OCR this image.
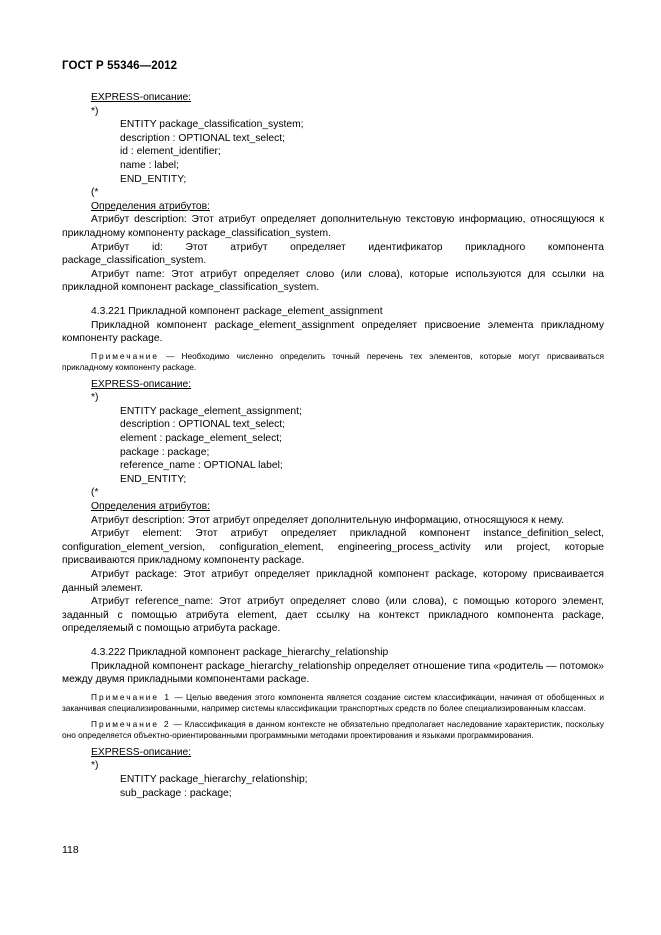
ГОСТ Р 55346—2012

EXPRESS-описание:

*)

ENTITY package_classification_system;

description : OPTIONAL text_select;

id : element_identifier;

name : label;

END_ENTITY;

(*

Определения атрибутов:

Атрибут description: Этот атрибут определяет дополнительную текстовую информацию, относящуюся к прикладному компоненту package_classification_system.

Атрибут id: Этот атрибут определяет идентификатор прикладного компонента package_classification_system.

Атрибут name: Этот атрибут определяет слово (или слова), которые используются для ссылки на прикладной компонент package_classification_system.

4.3.221 Прикладной компонент package_element_assignment

Прикладной компонент package_element_assignment определяет присвоение элемента прикладному компоненту package.

Примечание — Необходимо численно определить точный перечень тех элементов, которые могут присваиваться прикладному компоненту package.

EXPRESS-описание:

*)

ENTITY package_element_assignment;

description : OPTIONAL text_select;

element : package_element_select;

package : package;

reference_name : OPTIONAL label;

END_ENTITY;

(*

Определения атрибутов:

Атрибут description: Этот атрибут определяет дополнительную информацию, относящуюся к нему.

Атрибут element: Этот атрибут определяет прикладной компонент instance_definition_select, configuration_element_version, configuration_element, engineering_process_activity или project, которые присваиваются прикладному компоненту package.

Атрибут package: Этот атрибут определяет прикладной компонент package, которому присваивается данный элемент.

Атрибут reference_name: Этот атрибут определяет слово (или слова), с помощью которого элемент, заданный с помощью атрибута element, дает ссылку на контекст прикладного компонента package, определяемый с помощью атрибута package.

4.3.222 Прикладной компонент package_hierarchy_relationship

Прикладной компонент package_hierarchy_relationship определяет отношение типа «родитель — потомок» между двумя прикладными компонентами package.

Примечание 1 — Целью введения этого компонента является создание систем классификации, начиная от обобщенных и заканчивая специализированными, например системы классификации транспортных средств по более специализированным классам.

Примечание 2 — Классификация в данном контексте не обязательно предполагает наследование характеристик, поскольку оно определяется объектно-ориентированными программными методами проектирования и языками программирования.

EXPRESS-описание:

*)

ENTITY package_hierarchy_relationship;

sub_package : package;

118
